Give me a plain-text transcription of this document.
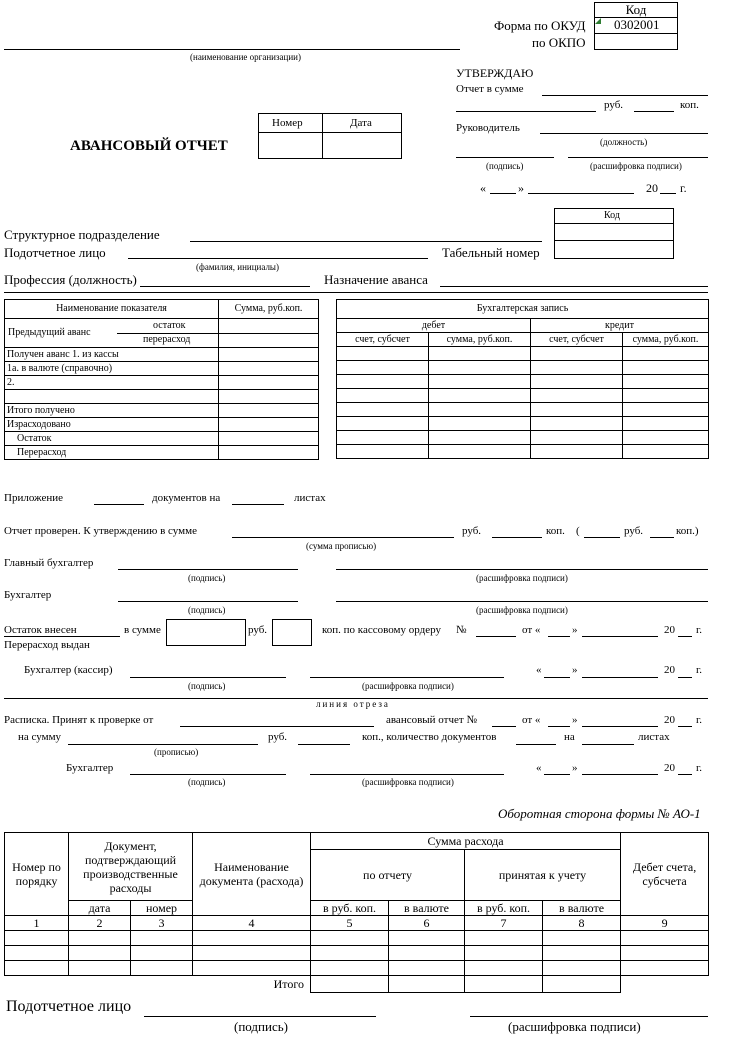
Код
0302001
Форма по ОКУД
по ОКПО
(наименование организации)
УТВЕРЖДАЮ
Отчет в сумме
руб.	коп.
Руководитель
(должность)
(подпись)	(расшифровка подписи)
«	»	20 г.
АВАНСОВЫЙ ОТЧЕТ
Номер	Дата
Код
Структурное подразделение
Подотчетное лицо
(фамилия, инициалы)
Табельный номер
Профессия (должность)	Назначение аванса
Наименование показателя	Сумма, руб.коп.

Предыдущий аванс
остаток
перерасход	

Получен аванс 1. из кассы	
1а. в валюте (справочно)	
2.	

Итого получено	
Израсходовано	
Остаток	
Перерасход	
Бухгалтерская запись			
дебет		кредит	
счет, субсчет	сумма, руб.коп.	счет, субсчет	сумма, руб.коп.

Приложение	документов на	листах
Отчет проверен. К утверждению в сумме	руб.	коп. (	руб.	коп.)
(сумма прописью)
Главный бухгалтер
(подпись)	(расшифровка подписи)
Бухгалтер
(подпись)	(расшифровка подписи)
Остаток внесен	в сумме	руб.	коп. по кассовому ордеру №	от «	»	20 г.
Перерасход выдан
Бухгалтер (кассир)
(подпись)	(расшифровка подписи)
«	»	20 г.
линия отреза
Расписка. Принят к проверке от	авансовый отчет №	от «	»	20 г.
на сумму
(прописью)
руб.	коп., количество документов	на	листах
Бухгалтер
(подпись)	(расшифровка подписи)
«	»	20 г.
Оборотная сторона формы № АО-1
Номер по порядку	Документ, подтверждающий производственные расходы		Наименование документа (расхода)	Сумма расхода				Дебет счета, субсчета
				по отчету		принятая к учету		
	дата	номер		в руб. коп.	в валюте	в руб. коп.	в валюте	
1	2	3	4	5	6	7	8	9

Итого								
Подотчетное лицо
(подпись)	(расшифровка подписи)
